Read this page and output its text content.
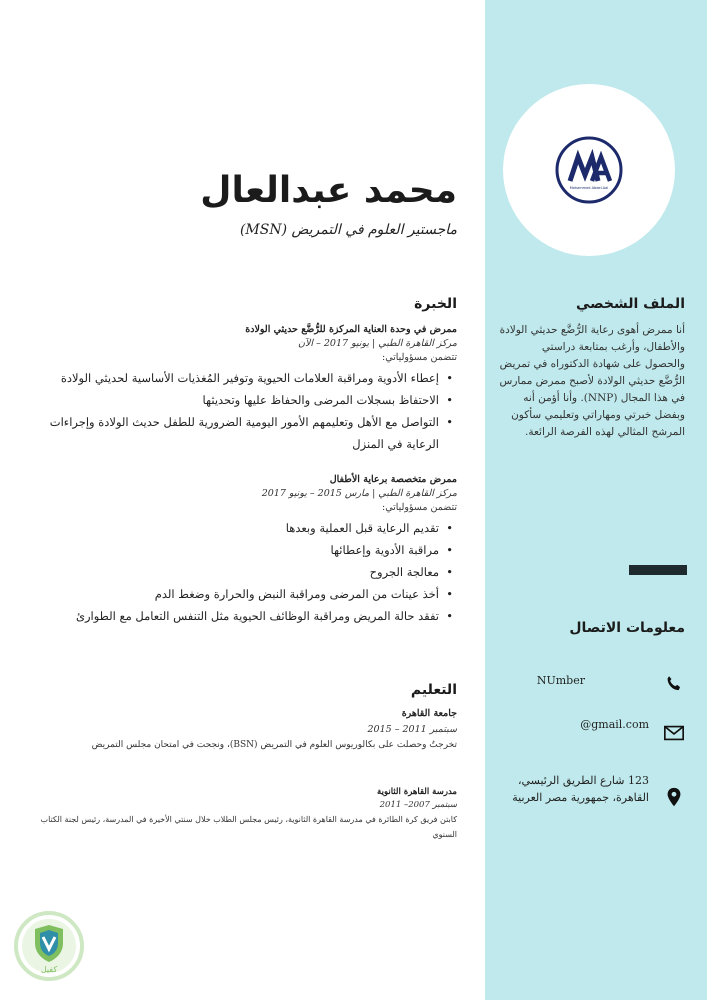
Mohammed Abdel-Aal
الملف الشخصي
أنا ممرض أهوى رعاية الرُّضَّع حديثي الولادة والأطفال، وأرغب بمتابعة دراستي والحصول على شهادة الدكتوراه في تمريض الرُّضَّع حديثي الولادة لأصبح ممرض ممارس في هذا المجال (NNP). وأنا أؤمن أنه وبفضل خبرتي ومهاراتي وتعليمي سأكون المرشح المثالي لهذه الفرصة الرائعة.
معلومات الاتصال
NUmber
gmail.com@
123 شارع الطريق الرئيسي،
القاهرة، جمهورية مصر العربية
محمد عبدالعال
ماجستير العلوم في التمريض (MSN)
الخبرة
ممرض في وحدة العناية المركزة للرُّضَّع حديثي الولادة
مركز القاهرة الطبي | يونيو 2017 – الآن
تتضمن مسؤولياتي:
• إعطاء الأدوية ومراقبة العلامات الحيوية وتوفير المُغذيات الأساسية لحديثي الولادة
• الاحتفاظ بسجلات المرضى والحفاظ عليها وتحديثها
• التواصل مع الأهل وتعليمهم الأمور اليومية الضرورية للطفل حديث الولادة وإجراءات الرعاية في المنزل
ممرض متخصصة برعاية الأطفال
مركز القاهرة الطبي | مارس 2015 – يونيو 2017
تتضمن مسؤولياتي:
• تقديم الرعاية قبل العملية وبعدها
• مراقبة الأدوية وإعطائها
• معالجة الجروح
• أخذ عينات من المرضى ومراقبة النبض والحرارة وضغط الدم
• تفقد حالة المريض ومراقبة الوظائف الحيوية مثل التنفس التعامل مع الطوارئ
التعليم
جامعة القاهرة
سبتمبر 2011 – 2015
تخرجتُ وحصلت على بكالوريوس العلوم في التمريض (BSN)، ونجحت في امتحان مجلس التمريض
مدرسة القاهرة الثانوية
سبتمبر 2007– 2011
كابتن فريق كرة الطائرة في مدرسة القاهرة الثانوية، رئيس مجلس الطلاب خلال سنتي الأخيرة في المدرسة، رئيس لجنة الكتاب السنوي
كفيل
